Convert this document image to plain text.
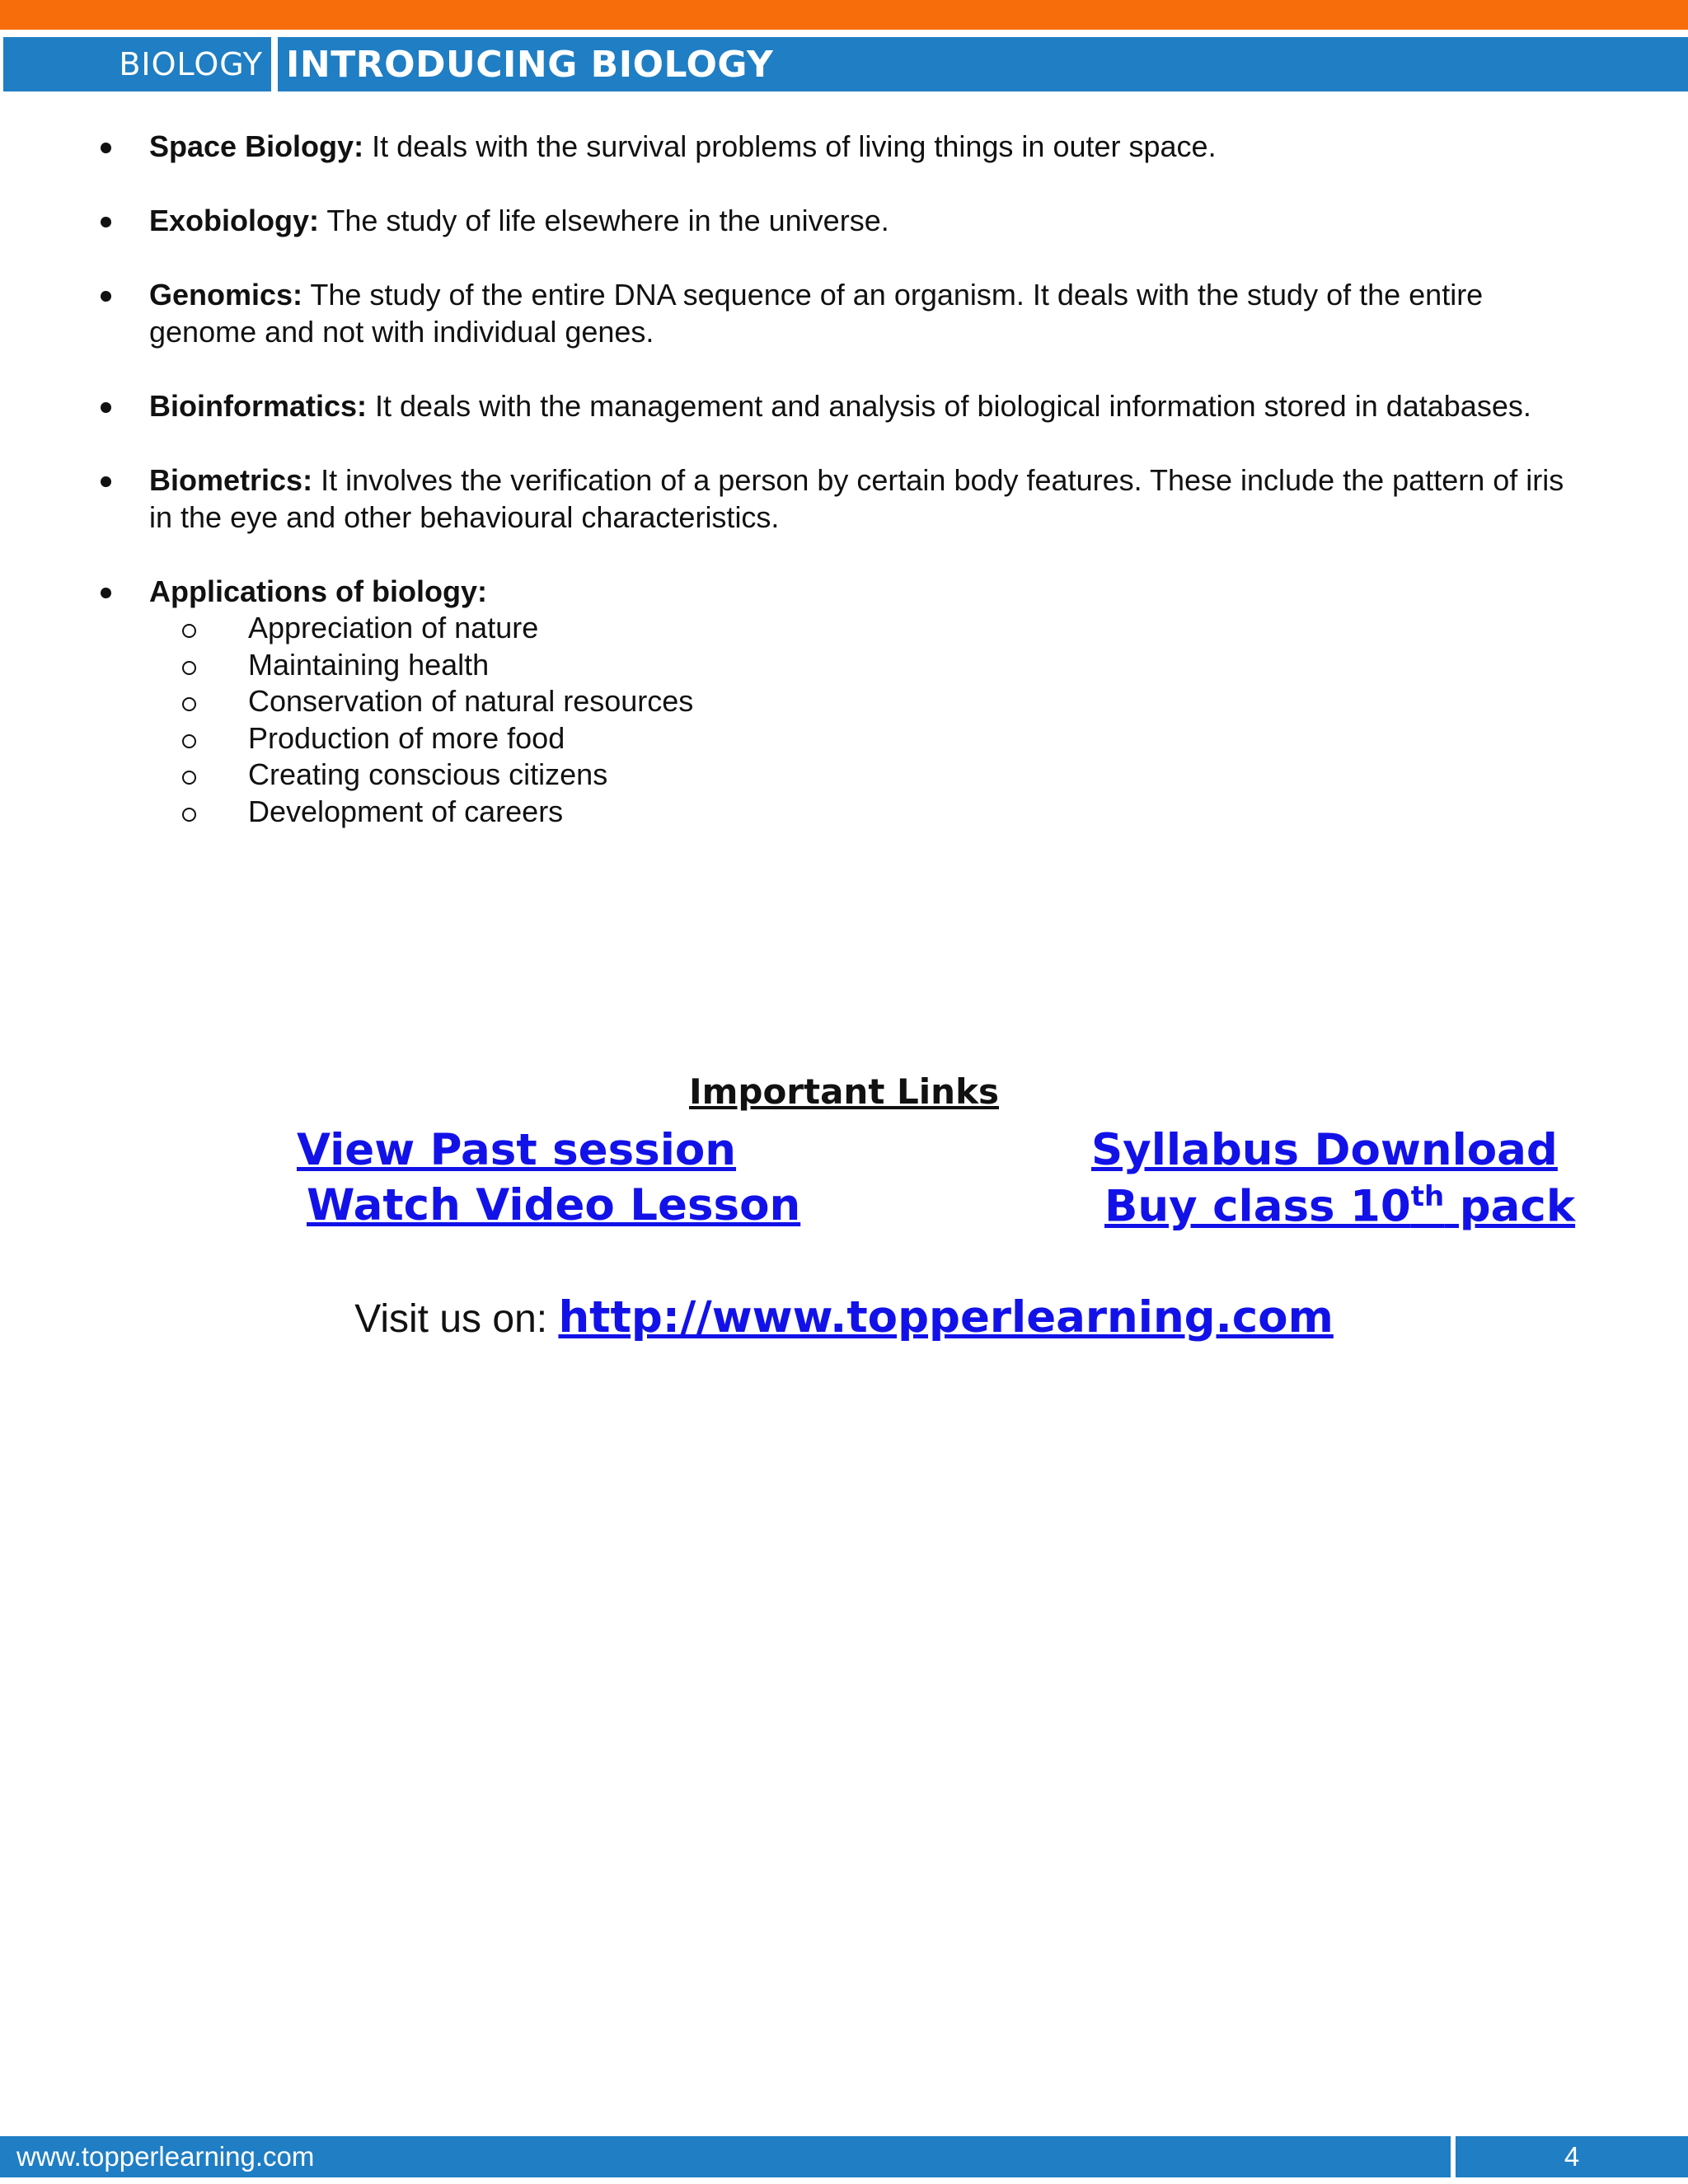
BIOLOGY INTRODUCING BIOLOGY
Space Biology: It deals with the survival problems of living things in outer space.
Exobiology: The study of life elsewhere in the universe.
Genomics: The study of the entire DNA sequence of an organism. It deals with the study of the entire genome and not with individual genes.
Bioinformatics: It deals with the management and analysis of biological information stored in databases.
Biometrics: It involves the verification of a person by certain body features. These include the pattern of iris in the eye and other behavioural characteristics.
Applications of biology:
Appreciation of nature
Maintaining health
Conservation of natural resources
Production of more food
Creating conscious citizens
Development of careers
Important Links
View Past session	Syllabus Download
Watch Video Lesson	Buy class 10th pack
Visit us on: http://www.topperlearning.com
www.topperlearning.com	4
